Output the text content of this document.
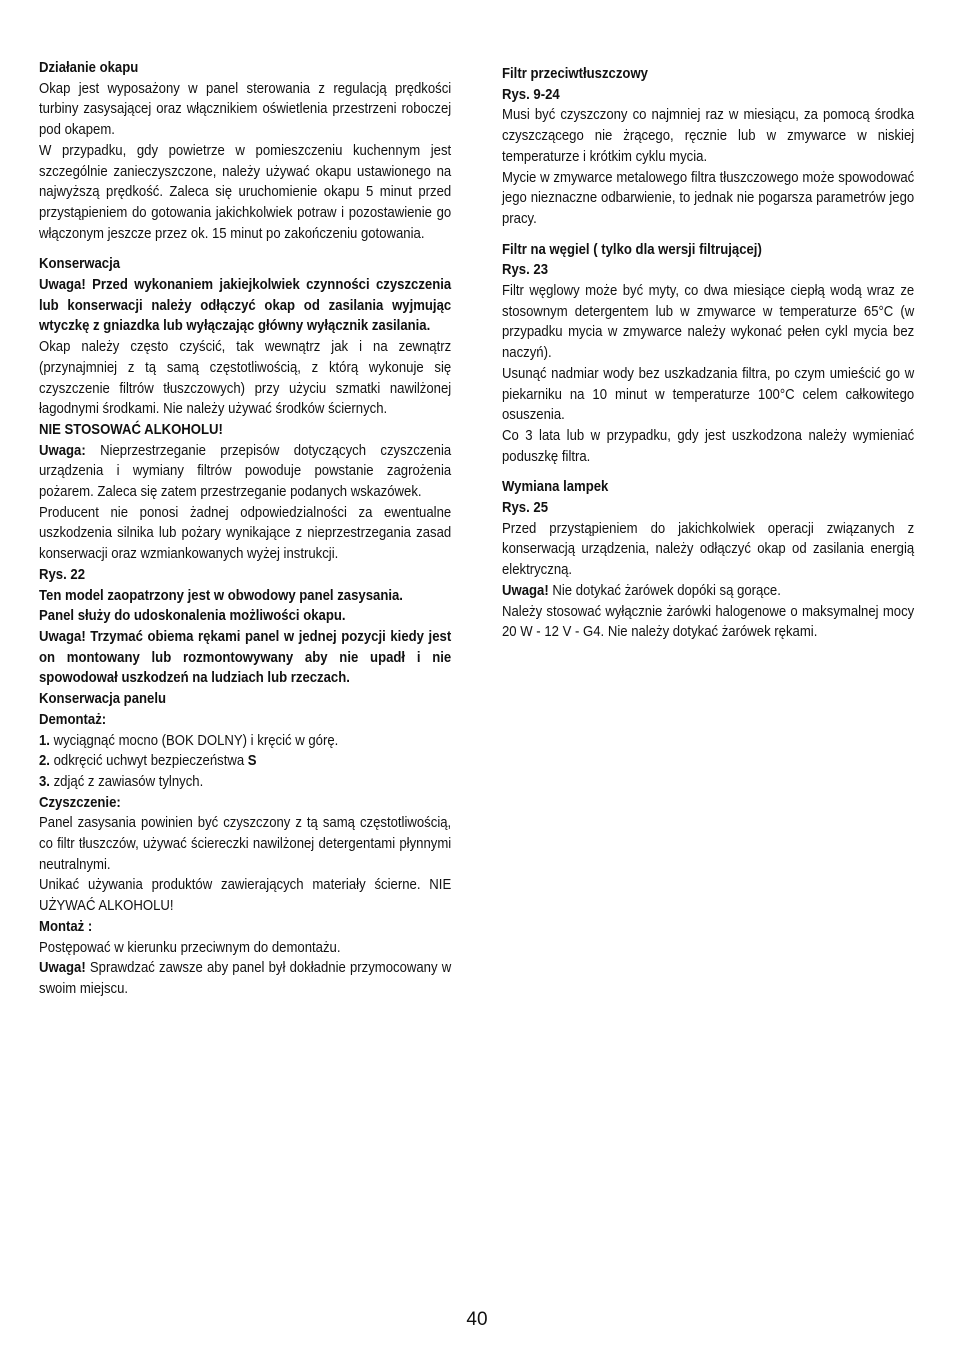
Działanie okapu

Okap jest wyposażony w panel sterowania z regulacją prędkości turbiny zasysającej oraz włącznikiem oświetlenia przestrzeni roboczej pod okapem.

W przypadku, gdy powietrze w pomieszczeniu kuchennym jest szczególnie zanieczyszczone, należy używać okapu ustawionego na najwyższą prędkość. Zaleca się uruchomienie okapu 5 minut przed przystąpieniem do gotowania jakichkolwiek potraw i pozostawienie go włączonym jeszcze przez ok. 15 minut po zakończeniu gotowania.

Konserwacja

Uwaga! Przed wykonaniem jakiejkolwiek czynności czyszczenia lub konserwacji należy odłączyć okap od zasilania wyjmując wtyczkę z gniazdka lub wyłączając główny wyłącznik zasilania.

Okap należy często czyścić, tak wewnątrz jak i na zewnątrz (przynajmniej z tą samą częstotliwością, z którą wykonuje się czyszczenie filtrów tłuszczowych) przy użyciu szmatki nawilżonej łagodnymi środkami. Nie należy używać środków ściernych.

NIE STOSOWAĆ ALKOHOLU!

Uwaga: Nieprzestrzeganie przepisów dotyczących czyszczenia urządzenia i wymiany filtrów powoduje powstanie zagrożenia pożarem. Zaleca się zatem przestrzeganie podanych wskazówek.

Producent nie ponosi żadnej odpowiedzialności za ewentualne uszkodzenia silnika lub pożary wynikające z nieprzestrzegania zasad konserwacji oraz wzmiankowanych wyżej instrukcji.

Rys. 22

Ten model zaopatrzony jest w obwodowy panel zasysania.

Panel służy do udoskonalenia możliwości okapu.

Uwaga! Trzymać obiema rękami panel w jednej pozycji kiedy jest on montowany lub rozmontowywany aby nie upadł i nie spowodował uszkodzeń na ludziach lub rzeczach.

Konserwacja panelu

Demontaż:

1. wyciągnąć mocno (BOK DOLNY) i kręcić w górę.

2. odkręcić uchwyt bezpieczeństwa S

3. zdjąć z zawiasów tylnych.

Czyszczenie:

Panel zasysania powinien być czyszczony z tą samą częstotliwością, co filtr tłuszczów, używać ściereczki nawilżonej detergentami płynnymi neutralnymi.

Unikać używania produktów zawierających materiały ścierne. NIE UŻYWAĆ ALKOHOLU!

Montaż :

Postępować w kierunku przeciwnym do demontażu.

Uwaga! Sprawdzać zawsze aby panel był dokładnie przymocowany w swoim miejscu.

Filtr przeciwtłuszczowy

Rys. 9-24

Musi być czyszczony co najmniej raz w miesiącu, za pomocą środka czyszczącego nie żrącego, ręcznie lub w zmywarce w niskiej temperaturze i krótkim cyklu mycia.

Mycie w zmywarce metalowego filtra tłuszczowego może spowodować jego nieznaczne odbarwienie, to jednak nie pogarsza parametrów jego pracy.

Filtr na węgiel ( tylko dla wersji filtrującej)

Rys. 23

Filtr węglowy może być myty, co dwa miesiące ciepłą wodą wraz ze stosownym detergentem lub w zmywarce w temperaturze 65°C (w przypadku mycia w zmywarce należy wykonać pełen cykl mycia bez naczyń).

Usunąć nadmiar wody bez uszkadzania filtra, po czym umieścić go w piekarniku na 10 minut w temperaturze 100°C celem całkowitego osuszenia.

Co 3 lata lub w przypadku, gdy jest uszkodzona należy wymieniać poduszkę filtra.

Wymiana lampek

Rys. 25

Przed przystąpieniem do jakichkolwiek operacji związanych z konserwacją urządzenia, należy odłączyć okap od zasilania energią elektryczną.

Uwaga! Nie dotykać żarówek dopóki są gorące.

Należy stosować wyłącznie żarówki halogenowe o maksymalnej mocy 20 W - 12 V - G4. Nie należy dotykać żarówek rękami.

40
